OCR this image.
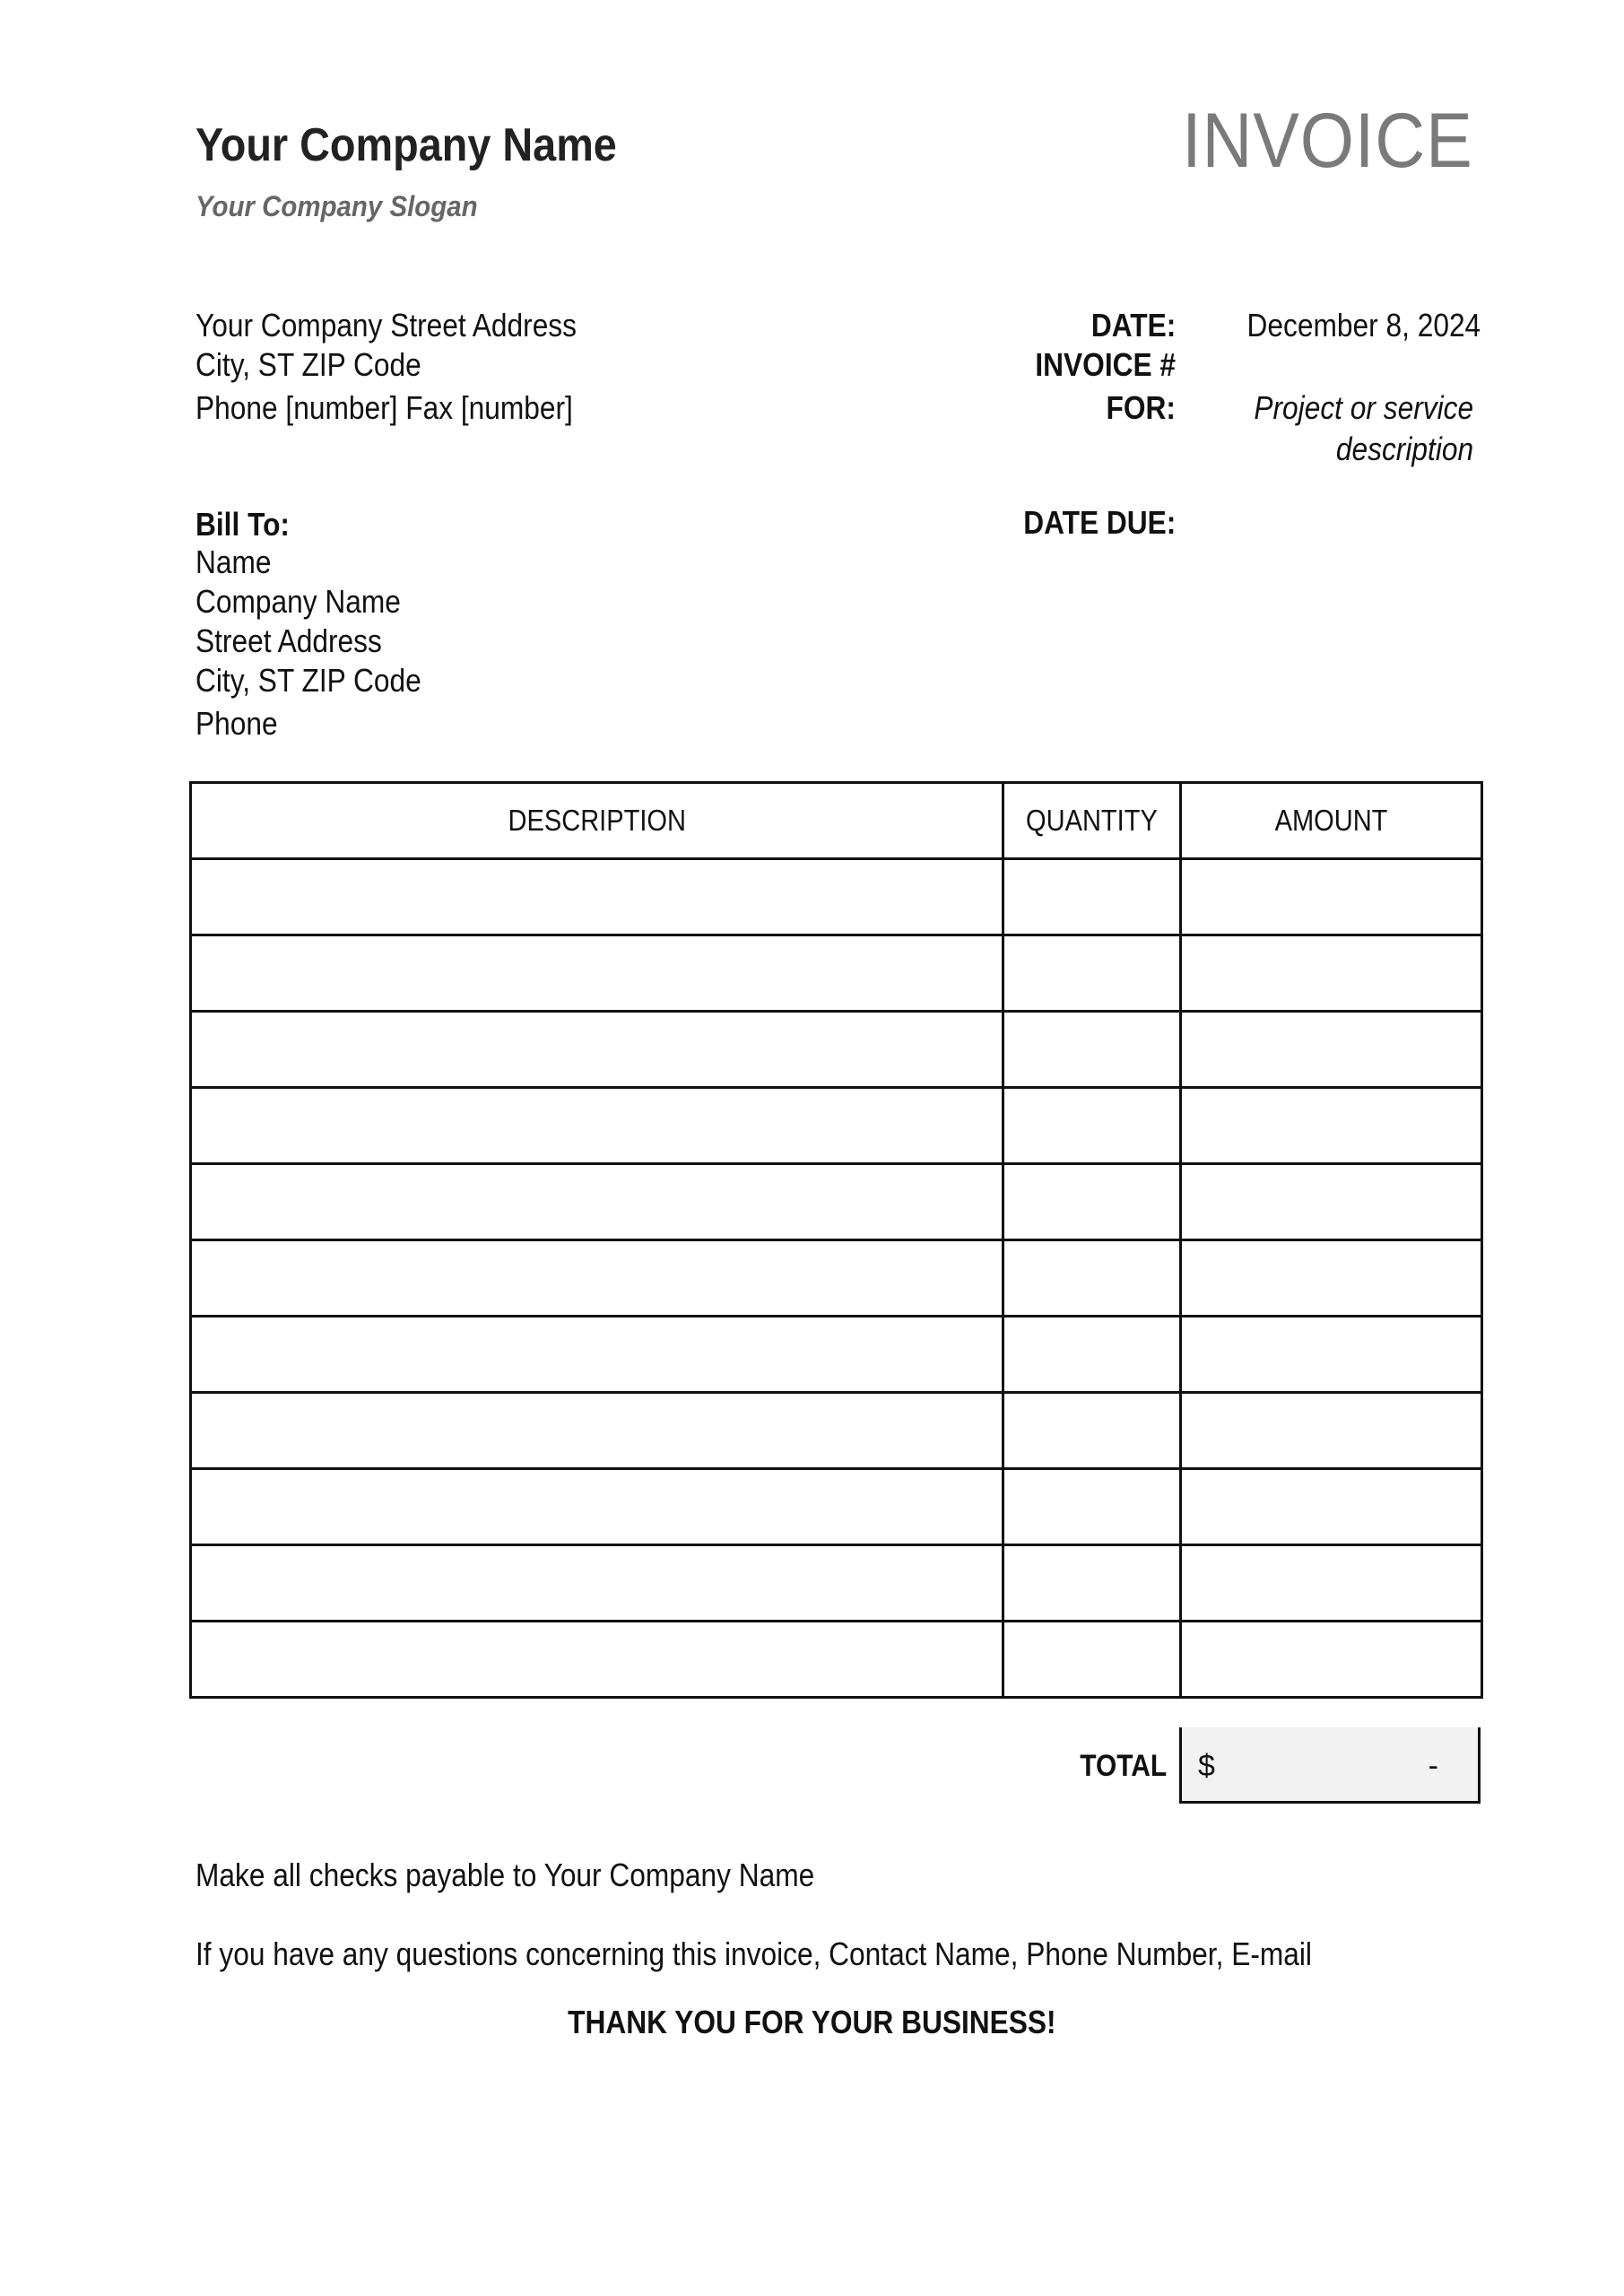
Your Company Name
Your Company Slogan
INVOICE
Your Company Street Address
City, ST ZIP Code
Phone [number] Fax [number]
DATE: December 8, 2024
INVOICE #
FOR: Project or service
description
DATE DUE:
Bill To:
Name
Company Name
Street Address
City, ST ZIP Code
Phone
DESCRIPTION	QUANTITY	AMOUNT

TOTAL $	-
Make all checks payable to Your Company Name
If you have any questions concerning this invoice, Contact Name, Phone Number, E-mail
THANK YOU FOR YOUR BUSINESS!
